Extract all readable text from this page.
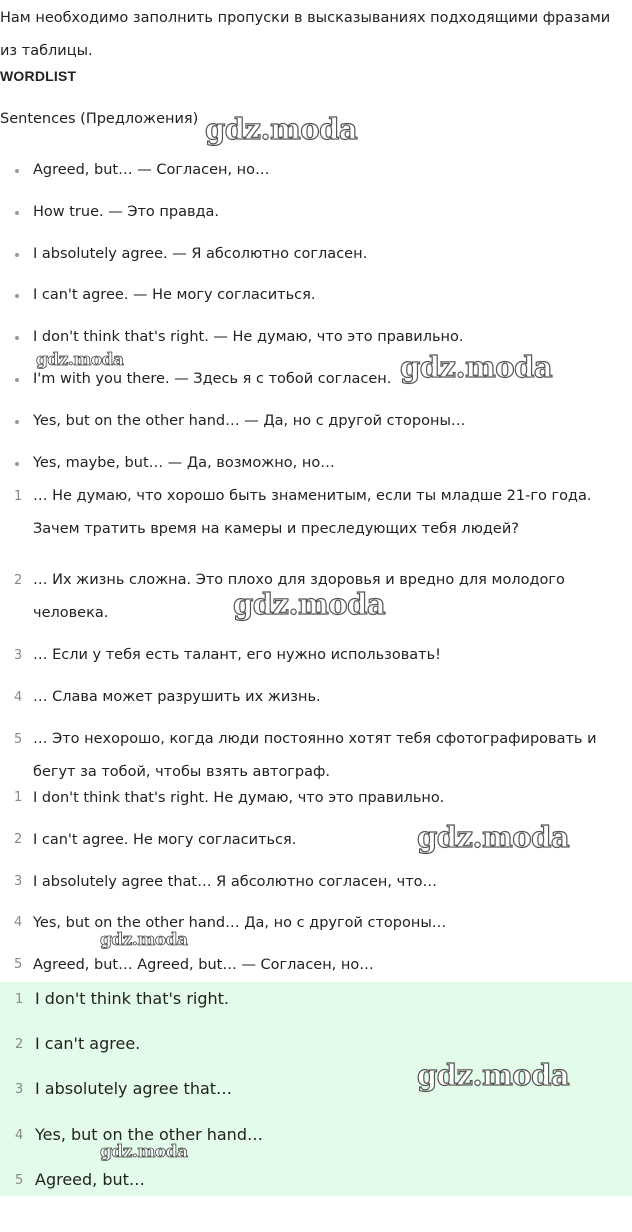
Нам необходимо заполнить пропуски в высказываниях подходящими фразами из таблицы.
WORDLIST
Sentences (Предложения)
Agreed, but… — Согласен, но…
How true. — Это правда.
I absolutely agree. — Я абсолютно согласен.
I can't agree. — Не могу согласиться.
I don't think that's right. — Не думаю, что это правильно.
I'm with you there. — Здесь я с тобой согласен.
Yes, but on the other hand… — Да, но с другой стороны…
Yes, maybe, but… — Да, возможно, но…
1 … Не думаю, что хорошо быть знаменитым, если ты младше 21-го года. Зачем тратить время на камеры и преследующих тебя людей?
2 … Их жизнь сложна. Это плохо для здоровья и вредно для молодого человека.
3 … Если у тебя есть талант, его нужно использовать!
4 … Слава может разрушить их жизнь.
5 … Это нехорошо, когда люди постоянно хотят тебя сфотографировать и бегут за тобой, чтобы взять автограф.
1 I don't think that's right. Не думаю, что это правильно.
2 I can't agree. Не могу согласиться.
3 I absolutely agree that… Я абсолютно согласен, что…
4 Yes, but on the other hand… Да, но с другой стороны…
5 Agreed, but… Agreed, but… — Согласен, но…
1 I don't think that's right.
2 I can't agree.
3 I absolutely agree that…
4 Yes, but on the other hand…
5 Agreed, but…
gdz.moda
gdz.moda	gdz.moda
gdz.moda
gdz.moda
gdz.moda
gdz.moda
gdz.moda
